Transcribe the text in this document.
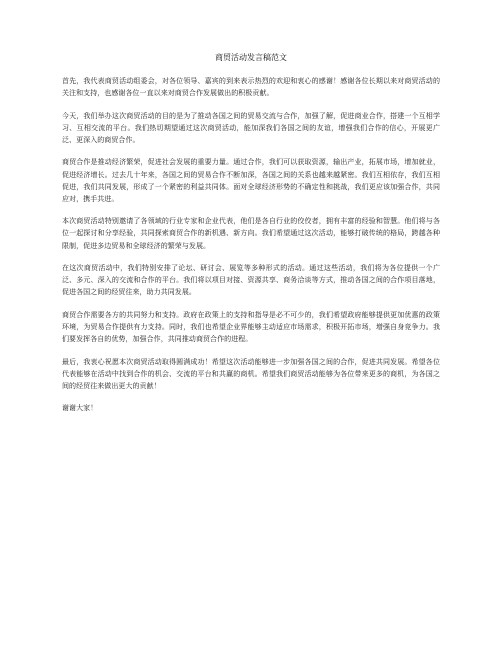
商贸活动发言稿范文

首先，我代表商贸活动组委会，对各位领导、嘉宾的到来表示热烈的欢迎和衷心的感谢！感谢各位长期以来对商贸活动的关注和支持，也感谢各位一直以来对商贸合作发展做出的积极贡献。

今天，我们举办这次商贸活动的目的是为了推动各国之间的贸易交流与合作，加强了解，促进商业合作，搭建一个互相学习、互相交流的平台。我们热切期望通过这次商贸活动，能加深我们各国之间的友谊，增强我们合作的信心，开展更广泛、更深入的商贸合作。

商贸合作是推动经济繁荣，促进社会发展的重要力量。通过合作，我们可以获取资源，输出产业，拓展市场，增加就业，促进经济增长。过去几十年来，各国之间的贸易合作不断加深，各国之间的关系也越来越紧密。我们互相依存，我们互相促进，我们共同发展，形成了一个紧密的利益共同体。面对全球经济形势的不确定性和挑战，我们更应该加强合作，共同应对，携手共进。

本次商贸活动特别邀请了各领域的行业专家和企业代表，他们是各自行业的佼佼者，拥有丰富的经验和智慧。他们将与各位一起探讨和分享经验，共同探索商贸合作的新机遇、新方向。我们希望通过这次活动，能够打破传统的格局，跨越各种限制，促进多边贸易和全球经济的繁荣与发展。

在这次商贸活动中，我们特别安排了论坛、研讨会、展览等多种形式的活动。通过这些活动，我们将为各位提供一个广泛、多元、深入的交流和合作的平台。我们将以项目对接、资源共享、商务洽谈等方式，推动各国之间的合作项目落地，促进各国之间的经贸往来，助力共同发展。

商贸合作需要各方的共同努力和支持。政府在政策上的支持和指导是必不可少的，我们希望政府能够提供更加优惠的政策环境，为贸易合作提供有力支持。同时，我们也希望企业界能够主动适应市场需求，积极开拓市场，增强自身竞争力。我们要发挥各自的优势，加强合作，共同推动商贸合作的进程。

最后，我衷心祝愿本次商贸活动取得圆满成功！希望这次活动能够进一步加强各国之间的合作，促进共同发展。希望各位代表能够在活动中找到合作的机会、交流的平台和共赢的商机。希望我们商贸活动能够为各位带来更多的商机，为各国之间的经贸往来做出更大的贡献！

谢谢大家！
